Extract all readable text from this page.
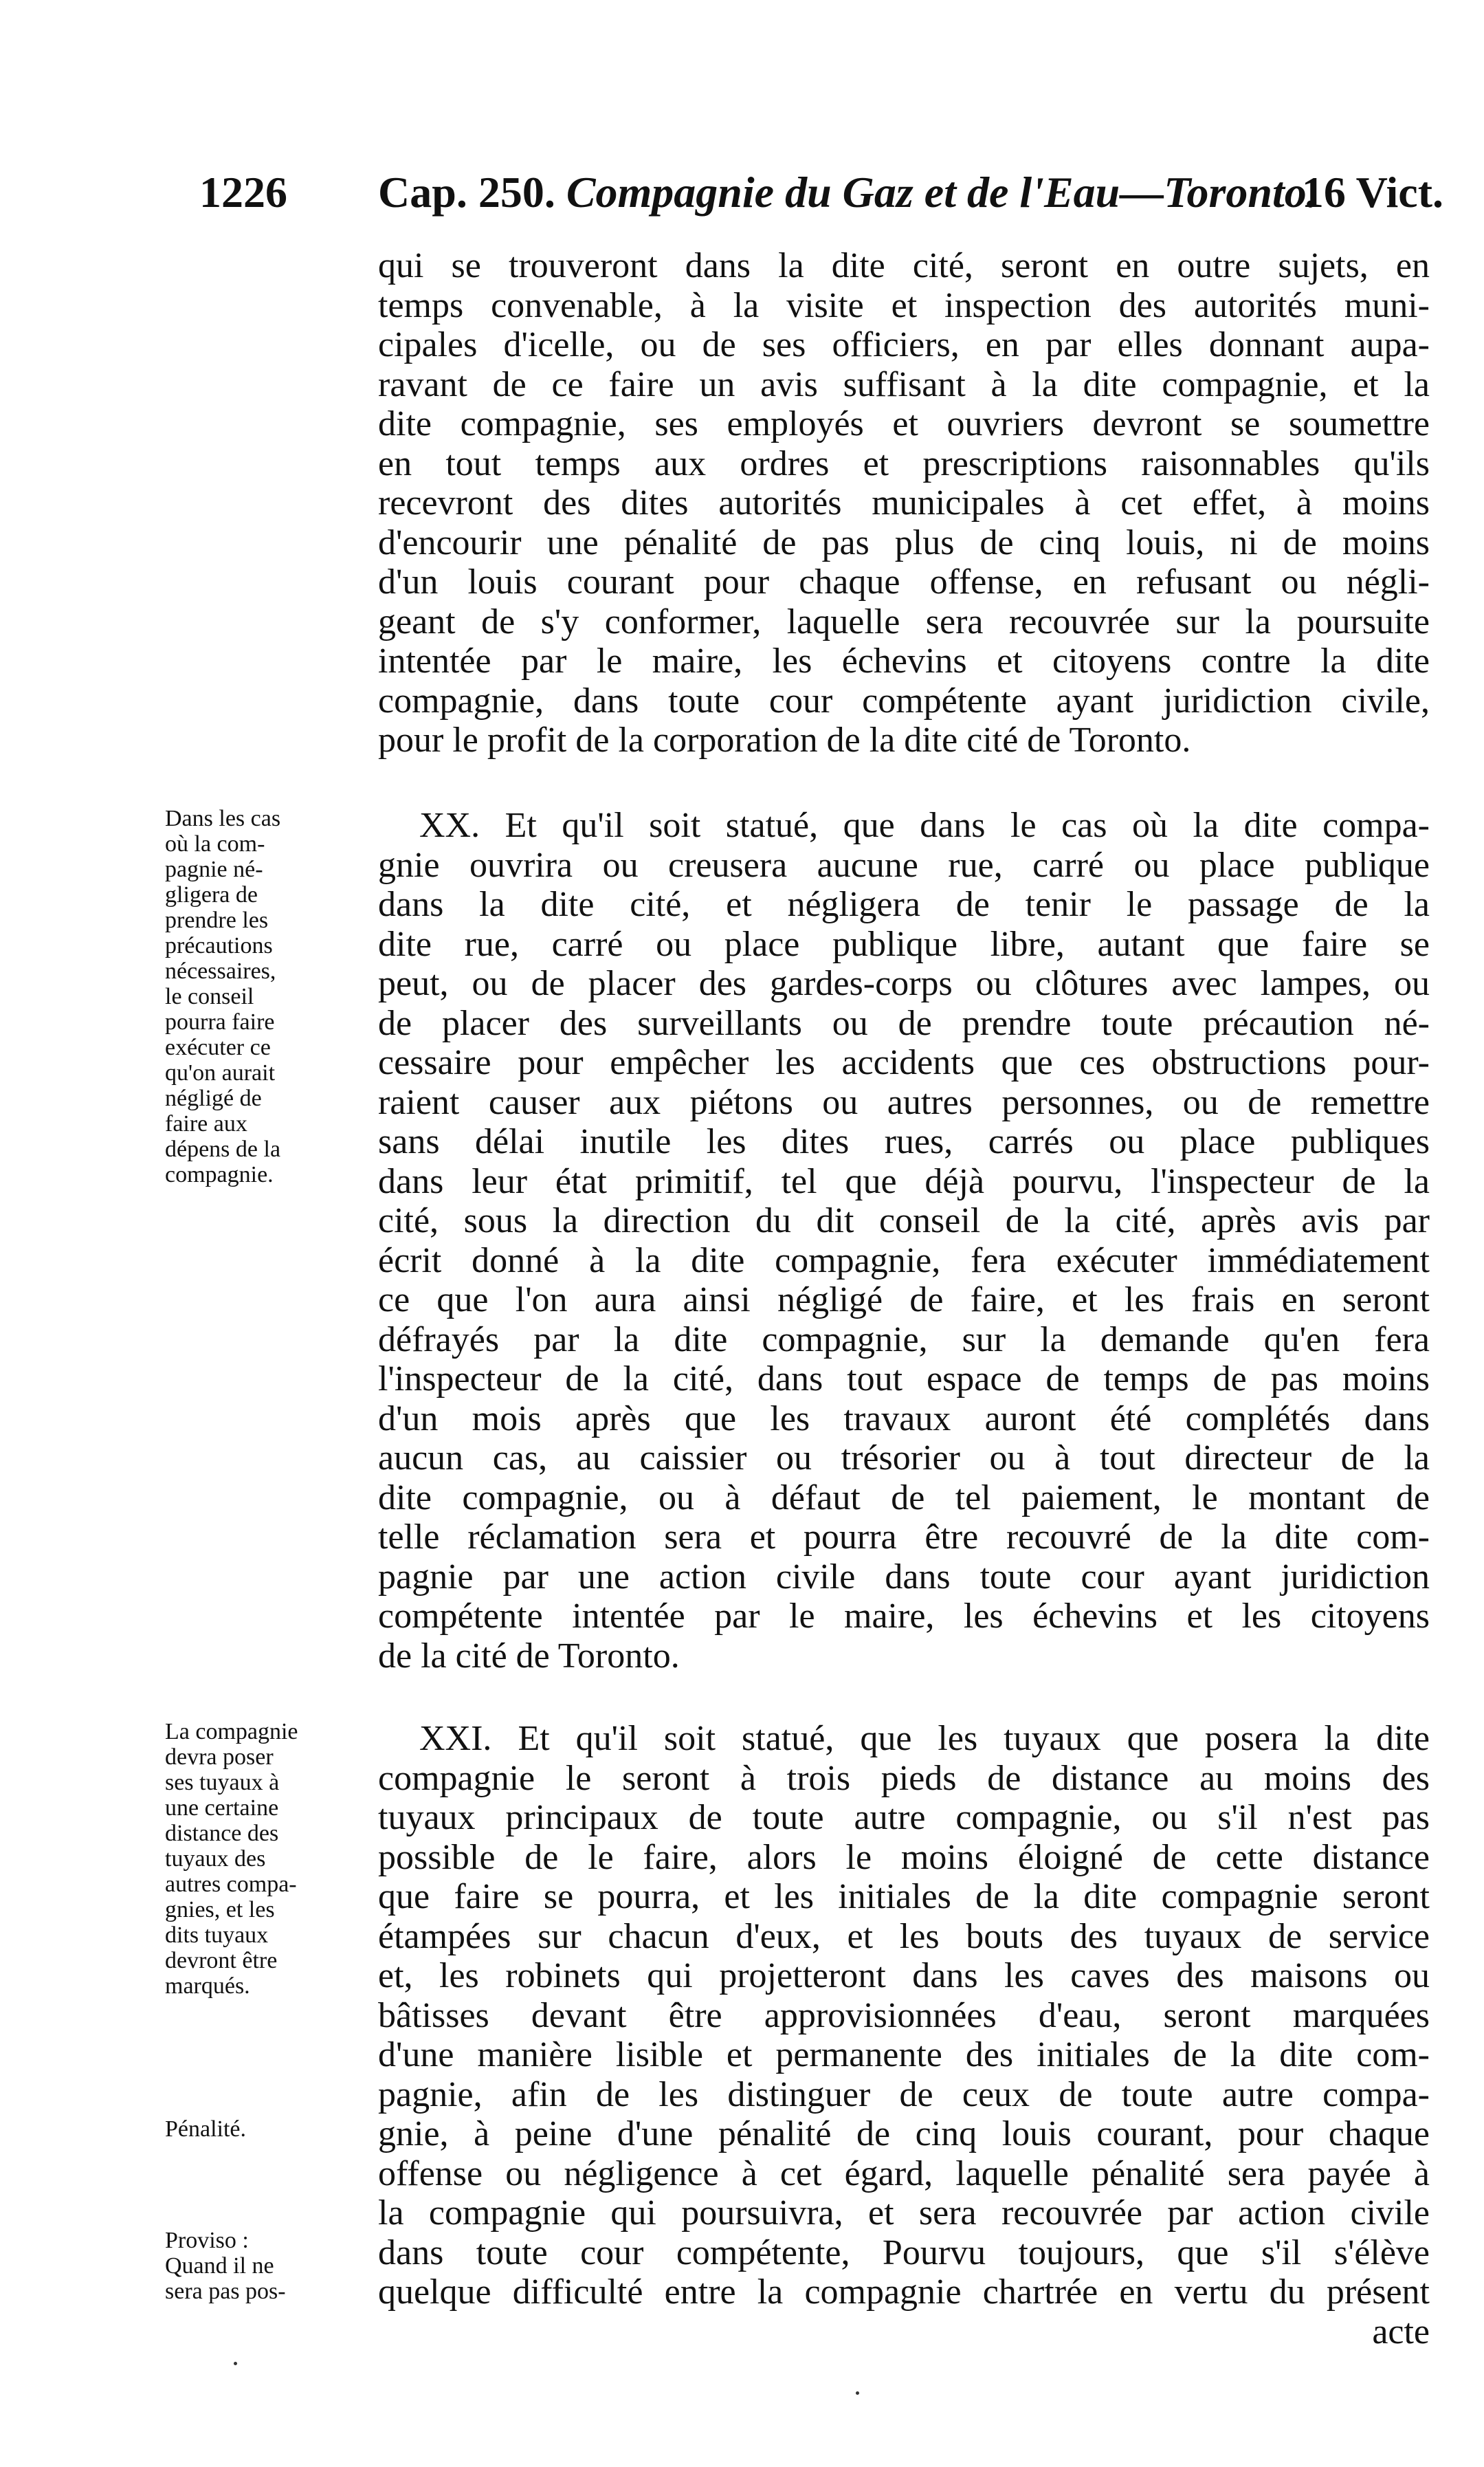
1226 Cap. 250. Compagnie du Gaz et de l'Eau—Toronto.
16 Vict.

qui se trouveront dans la dite cité, seront en outre sujets, en

temps convenable, à la visite et inspection des autorités muni-

cipales d'icelle, ou de ses officiers, en par elles donnant aupa-

ravant de ce faire un avis suffisant à la dite compagnie, et la

dite compagnie, ses employés et ouvriers devront se soumettre

en tout temps aux ordres et prescriptions raisonnables qu'ils

recevront des dites autorités municipales à cet effet, à moins

d'encourir une pénalité de pas plus de cinq louis, ni de moins

d'un louis courant pour chaque offense, en refusant ou négli-

geant de s'y conformer, laquelle sera recouvrée sur la poursuite

intentée par le maire, les échevins et citoyens contre la dite

compagnie, dans toute cour compétente ayant juridiction civile,

pour le profit de la corporation de la dite cité de Toronto.

Dans les cas
où la com-
pagnie né-
gligera de
prendre les
précautions
nécessaires,
le conseil
pourra faire
exécuter ce
qu'on aurait
négligé de
faire aux
dépens de la
compagnie.

XX. Et qu'il soit statué, que dans le cas où la dite compa-

gnie ouvrira ou creusera aucune rue, carré ou place publique

dans la dite cité, et négligera de tenir le passage de la

dite rue, carré ou place publique libre, autant que faire se

peut, ou de placer des gardes-corps ou clôtures avec lampes, ou

de placer des surveillants ou de prendre toute précaution né-

cessaire pour empêcher les accidents que ces obstructions pour-

raient causer aux piétons ou autres personnes, ou de remettre

sans délai inutile les dites rues, carrés ou place publiques

dans leur état primitif, tel que déjà pourvu, l'inspecteur de la

cité, sous la direction du dit conseil de la cité, après avis par

écrit donné à la dite compagnie, fera exécuter immédiatement

ce que l'on aura ainsi négligé de faire, et les frais en seront

défrayés par la dite compagnie, sur la demande qu'en fera

l'inspecteur de la cité, dans tout espace de temps de pas moins

d'un mois après que les travaux auront été complétés dans

aucun cas, au caissier ou trésorier ou à tout directeur de la

dite compagnie, ou à défaut de tel paiement, le montant de

telle réclamation sera et pourra être recouvré de la dite com-

pagnie par une action civile dans toute cour ayant juridiction

compétente intentée par le maire, les échevins et les citoyens

de la cité de Toronto.

La compagnie
devra poser
ses tuyaux à
une certaine
distance des
tuyaux des
autres compa-
gnies, et les
dits tuyaux
devront être
marqués.
Pénalité.
Proviso :
Quand il ne
sera pas pos-

XXI. Et qu'il soit statué, que les tuyaux que posera la dite

compagnie le seront à trois pieds de distance au moins des

tuyaux principaux de toute autre compagnie, ou s'il n'est pas

possible de le faire, alors le moins éloigné de cette distance

que faire se pourra, et les initiales de la dite compagnie seront

étampées sur chacun d'eux, et les bouts des tuyaux de service

et, les robinets qui projetteront dans les caves des maisons ou

bâtisses devant être approvisionnées d'eau, seront marquées

d'une manière lisible et permanente des initiales de la dite com-

pagnie, afin de les distinguer de ceux de toute autre compa-

gnie, à peine d'une pénalité de cinq louis courant, pour chaque

offense ou négligence à cet égard, laquelle pénalité sera payée à

la compagnie qui poursuivra, et sera recouvrée par action civile

dans toute cour compétente, Pourvu toujours, que s'il s'élève

quelque difficulté entre la compagnie chartrée en vertu du présent

acte
